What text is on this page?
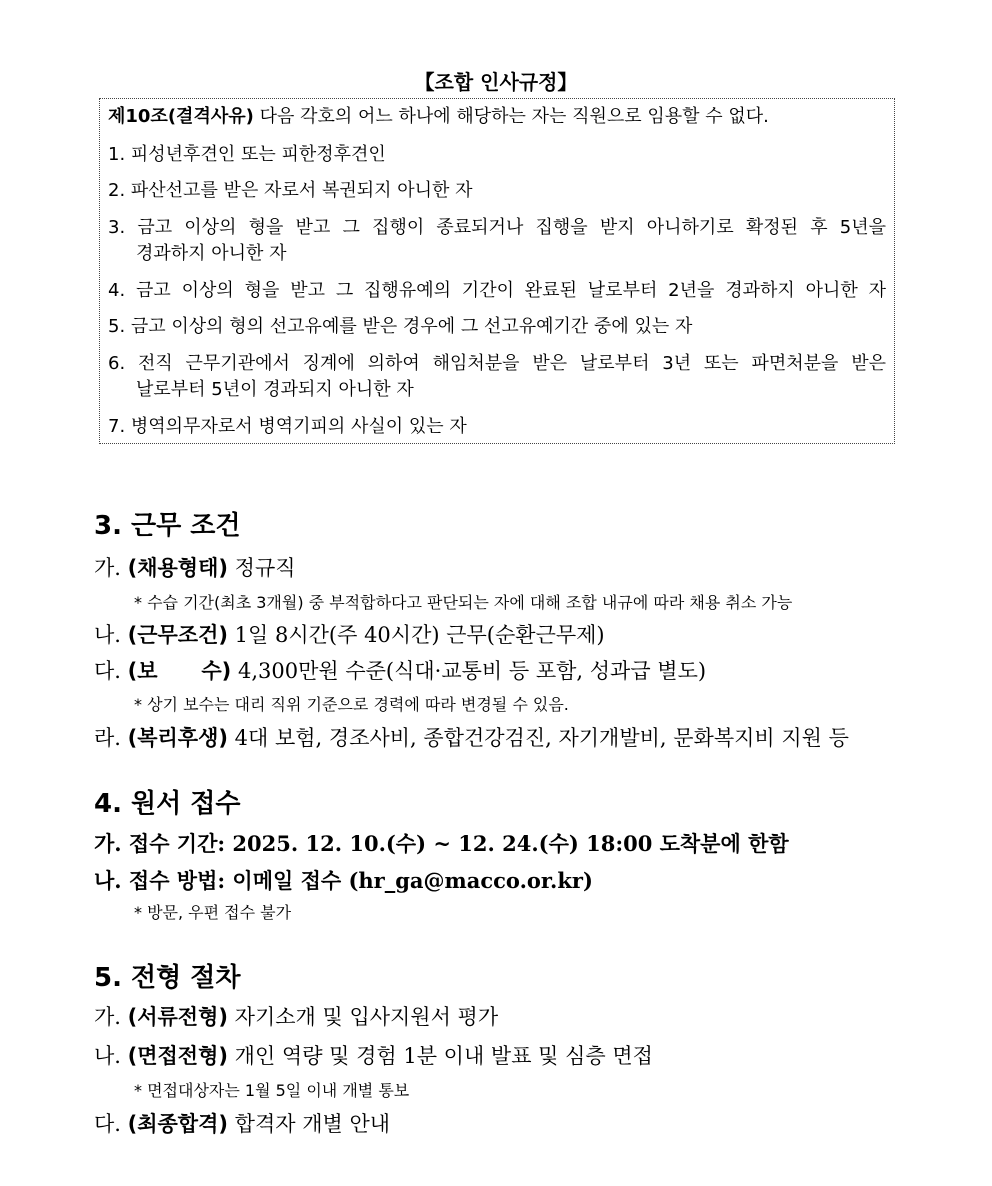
【조합 인사규정】
제10조(결격사유) 다음 각호의 어느 하나에 해당하는 자는 직원으로 임용할 수 없다.
1. 피성년후견인 또는 피한정후견인
2. 파산선고를 받은 자로서 복권되지 아니한 자
3. 금고 이상의 형을 받고 그 집행이 종료되거나 집행을 받지 아니하기로 확정된 후 5년을
경과하지 아니한 자
4. 금고 이상의 형을 받고 그 집행유예의 기간이 완료된 날로부터 2년을 경과하지 아니한 자
5. 금고 이상의 형의 선고유예를 받은 경우에 그 선고유예기간 중에 있는 자
6. 전직 근무기관에서 징계에 의하여 해임처분을 받은 날로부터 3년 또는 파면처분을 받은
날로부터 5년이 경과되지 아니한 자
7. 병역의무자로서 병역기피의 사실이 있는 자
3. 근무 조건
가. (채용형태) 정규직
* 수습 기간(최초 3개월) 중 부적합하다고 판단되는 자에 대해 조합 내규에 따라 채용 취소 가능
나. (근무조건) 1일 8시간(주 40시간) 근무(순환근무제)
다. (보      수) 4,300만원 수준(식대·교통비 등 포함, 성과급 별도)
* 상기 보수는 대리 직위 기준으로 경력에 따라 변경될 수 있음.
라. (복리후생) 4대 보험, 경조사비, 종합건강검진, 자기개발비, 문화복지비 지원 등
4. 원서 접수
가. 접수 기간: 2025. 12. 10.(수) ~ 12. 24.(수) 18:00 도착분에 한함
나. 접수 방법: 이메일 접수 (hr_ga@macco.or.kr)
* 방문, 우편 접수 불가
5. 전형 절차
가. (서류전형) 자기소개 및 입사지원서 평가
나. (면접전형) 개인 역량 및 경험 1분 이내 발표 및 심층 면접
* 면접대상자는 1월 5일 이내 개별 통보
다. (최종합격) 합격자 개별 안내
